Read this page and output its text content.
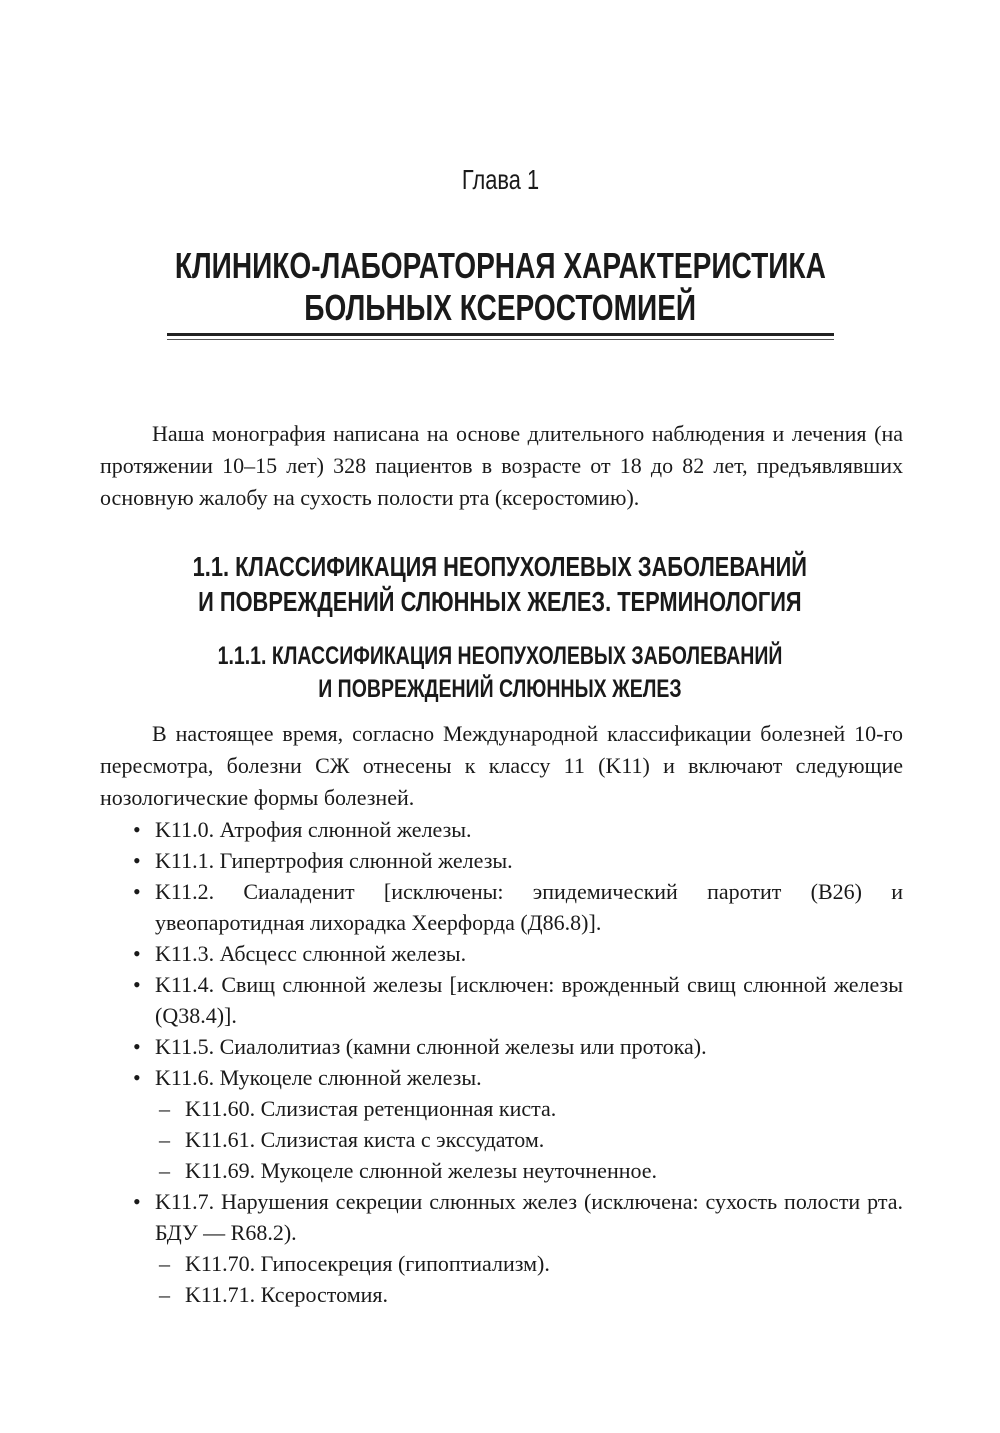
Глава 1
КЛИНИКО-ЛАБОРАТОРНАЯ ХАРАКТЕРИСТИКА
БОЛЬНЫХ КСЕРОСТОМИЕЙ

Наша монография написана на основе длительного наблюдения и лечения (на протяжении 10–15 лет) 328 пациентов в возрасте от 18 до 82 лет, предъявлявших основную жалобу на сухость полости рта (ксеростомию).

1.1. КЛАССИФИКАЦИЯ НЕОПУХОЛЕВЫХ ЗАБОЛЕВАНИЙ
И ПОВРЕЖДЕНИЙ СЛЮННЫХ ЖЕЛЕЗ. ТЕРМИНОЛОГИЯ
1.1.1. КЛАССИФИКАЦИЯ НЕОПУХОЛЕВЫХ ЗАБОЛЕВАНИЙ
И ПОВРЕЖДЕНИЙ СЛЮННЫХ ЖЕЛЕЗ

В настоящее время, согласно Международной классификации болезней 10-го пересмотра, болезни СЖ отнесены к классу 11 (K11) и включают следующие нозологические формы болезней.

• K11.0. Атрофия слюнной железы.
• K11.1. Гипертрофия слюнной железы.
• K11.2. Сиаладенит [исключены: эпидемический паротит (B26) и увеопаротидная лихорадка Хеерфорда (Д86.8)].
• K11.3. Абсцесс слюнной железы.
• K11.4. Свищ слюнной железы [исключен: врожденный свищ слюнной железы (Q38.4)].
• K11.5. Сиалолитиаз (камни слюнной железы или протока).
• K11.6. Мукоцеле слюнной железы.
– K11.60. Слизистая ретенционная киста.
– K11.61. Слизистая киста с экссудатом.
– K11.69. Мукоцеле слюнной железы неуточненное.
• K11.7. Нарушения секреции слюнных желез (исключена: сухость полости рта. БДУ — R68.2).
– K11.70. Гипосекреция (гипоптиализм).
– K11.71. Ксеростомия.
